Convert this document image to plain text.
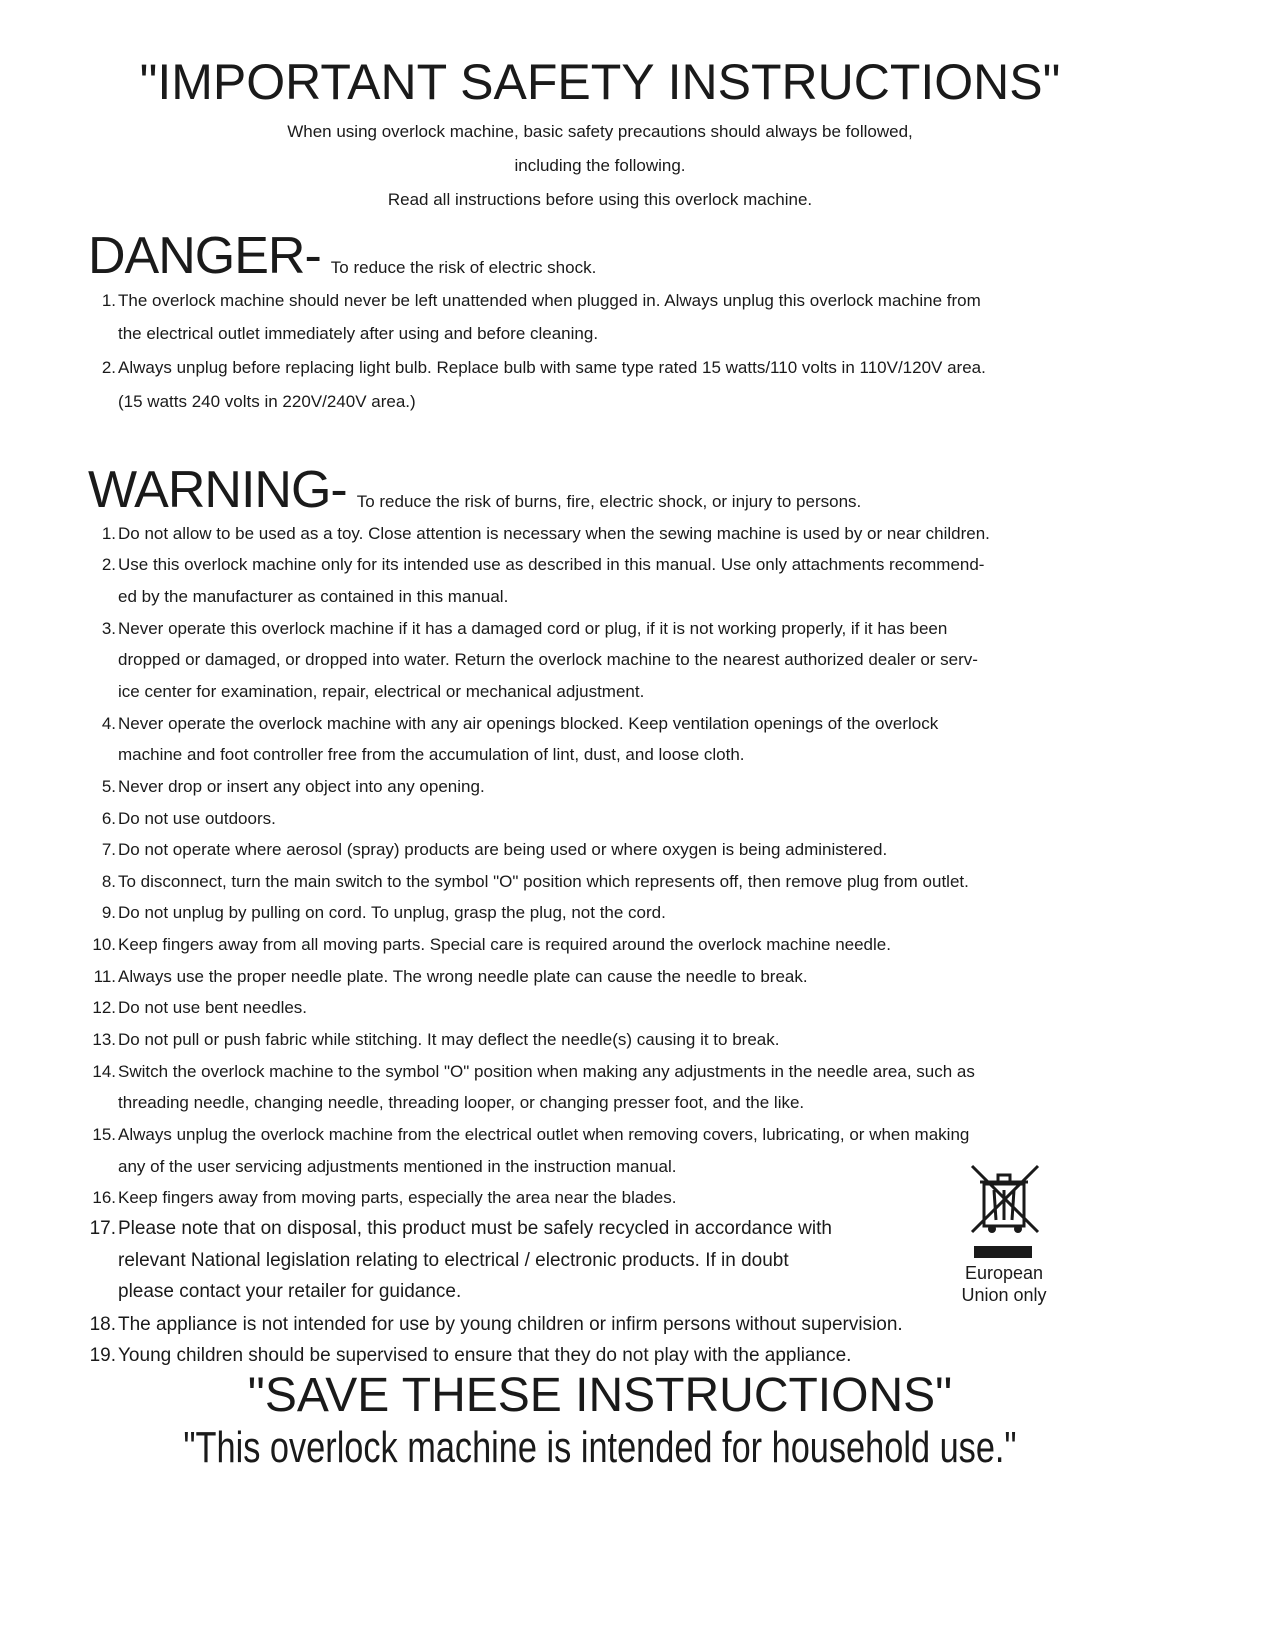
"IMPORTANT SAFETY INSTRUCTIONS"
When using overlock machine, basic safety precautions should always be followed,
including the following.
Read all instructions before using this overlock machine.
DANGER- To reduce the risk of electric shock.
1. The overlock machine should never be left unattended when plugged in. Always unplug this overlock machine from
the electrical outlet immediately after using and before cleaning.
2. Always unplug before replacing light bulb. Replace bulb with same type rated 15 watts/110 volts in 110V/120V area.
(15 watts 240 volts in 220V/240V area.)
WARNING- To reduce the risk of burns, fire, electric shock, or injury to persons.
1. Do not allow to be used as a toy. Close attention is necessary when the sewing machine is used by or near children.
2. Use this overlock machine only for its intended use as described in this manual. Use only attachments recommend-
ed by the manufacturer as contained in this manual.
3. Never operate this overlock machine if it has a damaged cord or plug, if it is not working properly, if it has been
dropped or damaged, or dropped into water. Return the overlock machine to the nearest authorized dealer or serv-
ice center for examination, repair, electrical or mechanical adjustment.
4. Never operate the overlock machine with any air openings blocked. Keep ventilation openings of the overlock
machine and foot controller free from the accumulation of lint, dust, and loose cloth.
5. Never drop or insert any object into any opening.
6. Do not use outdoors.
7. Do not operate where aerosol (spray) products are being used or where oxygen is being administered.
8. To disconnect, turn the main switch to the symbol "O" position which represents off, then remove plug from outlet.
9. Do not unplug by pulling on cord. To unplug, grasp the plug, not the cord.
10. Keep fingers away from all moving parts. Special care is required around the overlock machine needle.
11. Always use the proper needle plate. The wrong needle plate can cause the needle to break.
12. Do not use bent needles.
13. Do not pull or push fabric while stitching. It may deflect the needle(s) causing it to break.
14. Switch the overlock machine to the symbol "O" position when making any adjustments in the needle area, such as
threading needle, changing needle, threading looper, or changing presser foot, and the like.
15. Always unplug the overlock machine from the electrical outlet when removing covers, lubricating, or when making
any of the user servicing adjustments mentioned in the instruction manual.
16. Keep fingers away from moving parts, especially the area near the blades.
17. Please note that on disposal, this product must be safely recycled in accordance with
relevant National legislation relating to electrical / electronic products. If in doubt
please contact your retailer for guidance.
18. The appliance is not intended for use by young children or infirm persons without supervision.
19. Young children should be supervised to ensure that they do not play with the appliance.
European
Union only
"SAVE THESE INSTRUCTIONS"
"This overlock machine is intended for household use."
